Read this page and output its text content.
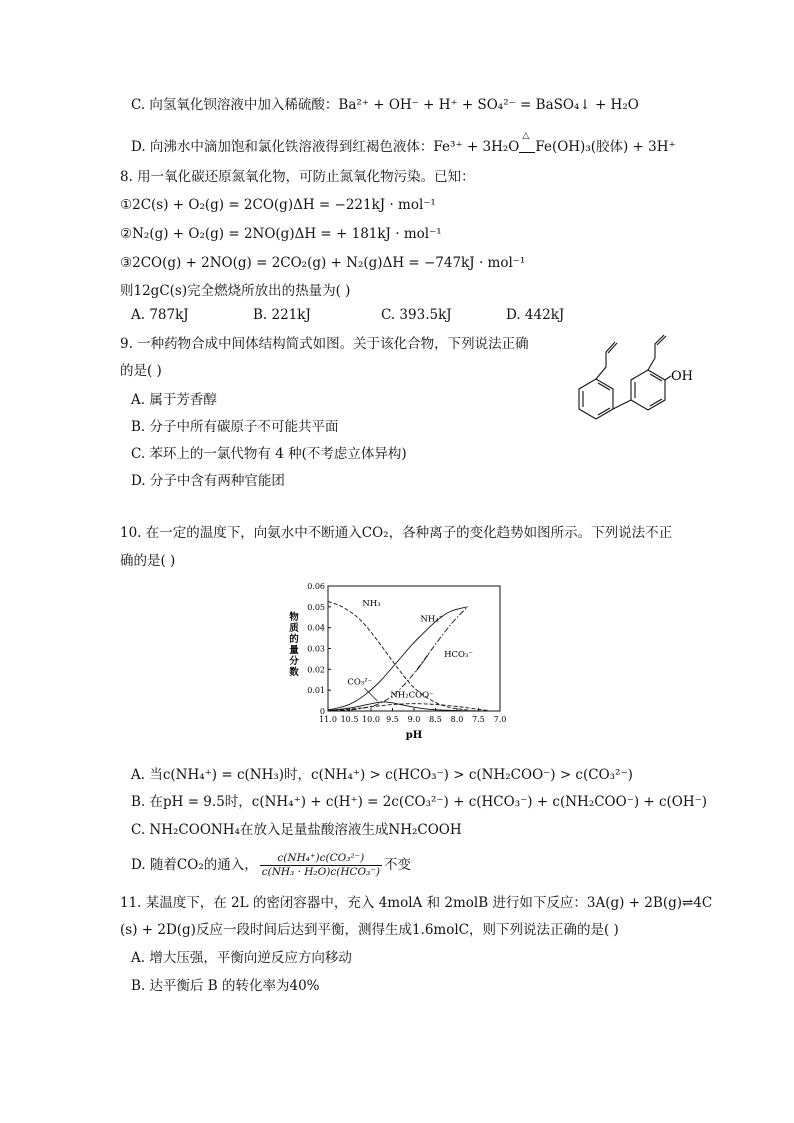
C. 向氢氧化钡溶液中加入稀硫酸：Ba²⁺ + OH⁻ + H⁺ + SO₄²⁻ = BaSO₄↓ + H₂O
D. 向沸水中滴加饱和氯化铁溶液得到红褐色液体：Fe³⁺ + 3H₂O
△
Fe(OH)₃(胶体) + 3H⁺
8. 用一氧化碳还原氮氧化物，可防止氮氧化物污染。已知：
①2C(s) + O₂(g) = 2CO(g)ΔH = −221kJ · mol⁻¹
②N₂(g) + O₂(g) = 2NO(g)ΔH = + 181kJ · mol⁻¹
③2CO(g) + 2NO(g) = 2CO₂(g) + N₂(g)ΔH = −747kJ · mol⁻¹
则12gC(s)完全燃烧所放出的热量为( )
A. 787kJ	B. 221kJ	C. 393.5kJ	D. 442kJ
9. 一种药物合成中间体结构简式如图。关于该化合物，下列说法正确
的是( )
A. 属于芳香醇
B. 分子中所有碳原子不可能共平面
C. 苯环上的一氯代物有 4 种(不考虑立体异构)
D. 分子中含有两种官能团
OH
10. 在一定的温度下，向氨水中不断通入CO₂，各种离子的变化趋势如图所示。下列说法不正
确的是( )
0
0.01
0.02
0.03
0.04
0.05
0.06
11.0 10.5 10.0 9.5 9.0 8.5 8.0 7.5 7.0
NH₃
NH₄⁺
HCO₃⁻
CO₃²⁻
NH₂COO⁻
pH
物质的量分数
A. 当c(NH₄⁺) = c(NH₃)时，c(NH₄⁺) > c(HCO₃⁻) > c(NH₂COO⁻) > c(CO₃²⁻)
B. 在pH = 9.5时，c(NH₄⁺) + c(H⁺) = 2c(CO₃²⁻) + c(HCO₃⁻) + c(NH₂COO⁻) + c(OH⁻)
C. NH₂COONH₄在放入足量盐酸溶液生成NH₂COOH
D. 随着CO₂的通入， $\frac{\text{c(NH₄⁺)c(CO₃²⁻)}}{\text{c(NH₃ · H₂O)c(HCO₃⁻)}}$ 不变
11. 某温度下，在 2L 的密闭容器中，充入 4molA 和 2molB 进行如下反应：3A(g) + 2B(g)⇌4C
(s) + 2D(g)反应一段时间后达到平衡，测得生成1.6molC，则下列说法正确的是( )
A. 增大压强，平衡向逆反应方向移动
B. 达平衡后 B 的转化率为40%
